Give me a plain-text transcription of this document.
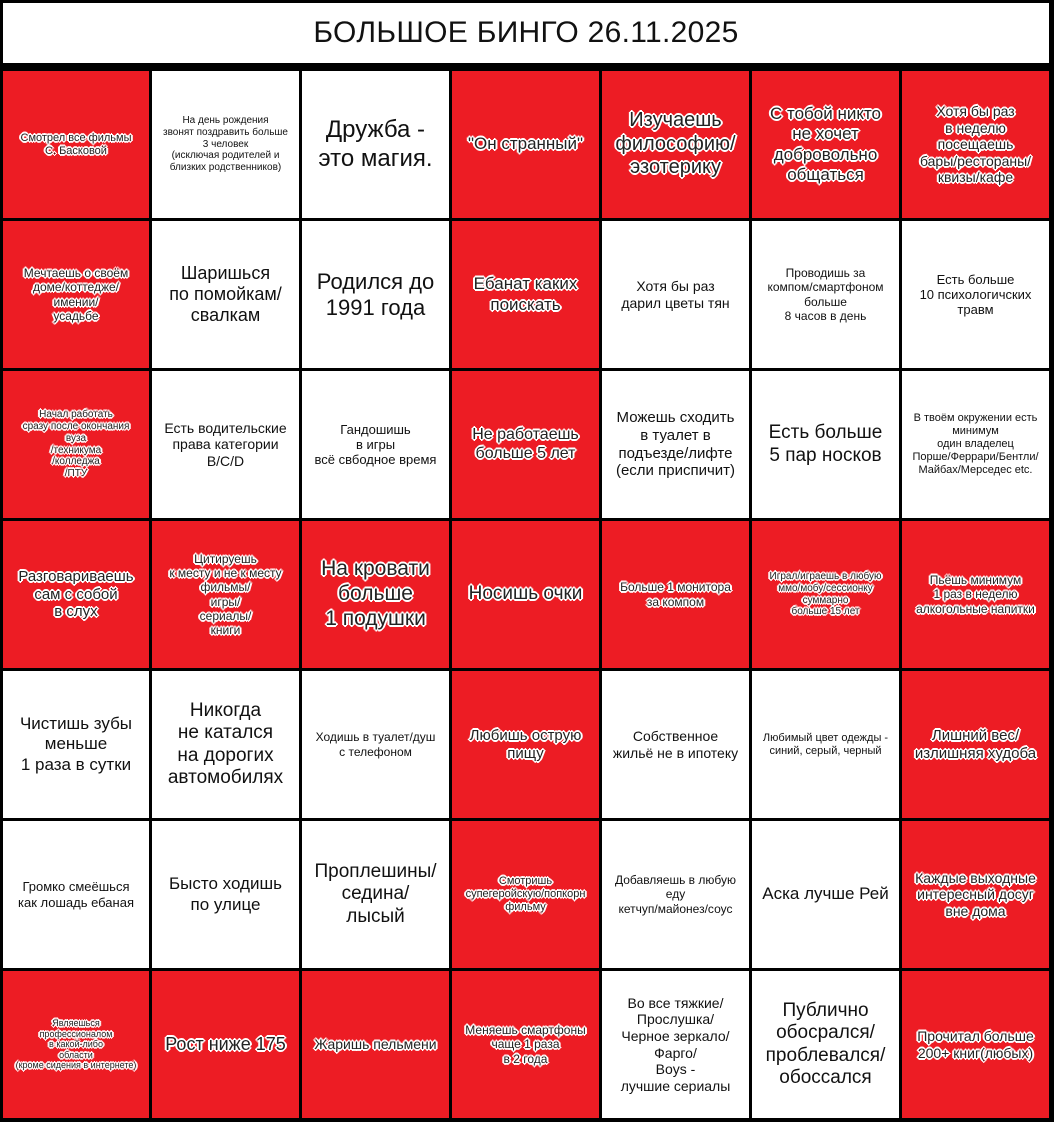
БОЛЬШОЕ БИНГО 26.11.2025
Смотрел все фильмы
С. Басковой
На день рождения
звонят поздравить больше
3 человек
(исключая родителей и
близких родственников)
Дружба -
это магия.
"Он странный"
Изучаешь
философию/
эзотерику
С тобой никто
не хочет
добровольно
общаться
Хотя бы раз
в неделю
посещаешь
бары/рестораны/
квизы/кафе
Мечтаешь о своём
доме/коттедже/
имении/
усадьбе
Шаришься
по помойкам/
свалкам
Родился до
1991 года
Ебанат каких
поискать
Хотя бы раз
дарил цветы тян
Проводишь за
компом/смартфоном
больше
8 часов в день
Есть больше
10 психологичских
травм
Начал работать
сразу после окончания
вуза
/техникума
/колледжа
/ПТУ
Есть водительские
права категории
B/C/D
Гандошишь
в игры
всё свбодное время
Не работаешь
больше 5 лет
Можешь сходить
в туалет в
подъезде/лифте
(если приспичит)
Есть больше
5 пар носков
В твоём окружении есть
минимум
один владелец
Порше/Феррари/Бентли/
Майбах/Мерседес etc.
Разговариваешь
сам с собой
в слух
Цитируешь
к месту и не к месту
фильмы/
игры/
сериалы/
книги
На кровати
больше
1 подушки
Носишь очки	Больше 1 монитора
за компом
Играл/играешь в любую
ммо/мобу/сессионку
суммарно
больше 15 лет
Пьёшь минимум
1 раз в неделю
алкогольные напитки
Чистишь зубы
меньше
1 раза в сутки
Никогда
не катался
на дорогих
автомобилях
Ходишь в туалет/душ
с телефоном
Любишь острую
пищу
Собственное
жильё не в ипотеку
Любимый цвет одежды -
синий, серый, черный
Лишний вес/
излишняя худоба
Громко смеёшься
как лошадь ебаная
Бысто ходишь
по улице
Проплешины/
седина/
лысый
Смотришь
супегеройскую/попкорн
фильму
Добавляешь в любую
еду
кетчуп/майонез/соус
Аска лучше Рей
Каждые выходные
интересный досуг
вне дома
Являешься
профессионалом
в какой-либо
области
(кроме сидения в интернете)
Рост ниже 175 Жаришь пельмени
Меняешь смартфоны
чаще 1 раза
в 2 года
Во все тяжкие/
Прослушка/
Черное зеркало/
Фарго/
Boys -
лучшие сериалы
Публично
обосрался/
проблевался/
обоссался
Прочитал больше
200+ книг(любых)
